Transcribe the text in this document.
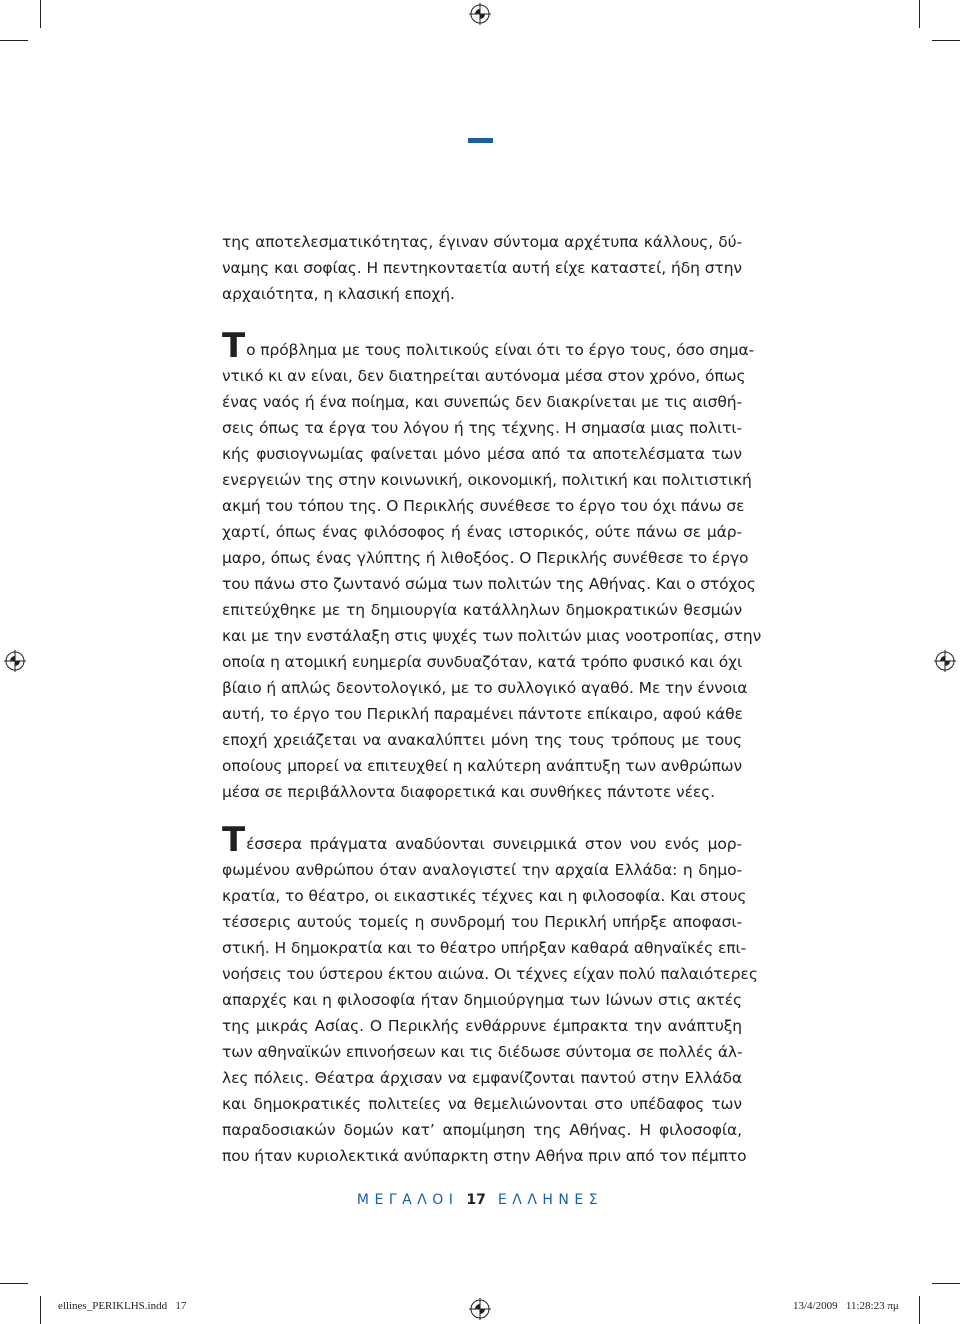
της αποτελεσματικότητας, έγιναν σύντομα αρχέτυπα κάλλους, δύ-
ναμης και σοφίας. Η πεντηκονταετία αυτή είχε καταστεί, ήδη στην
αρχαιότητα, η κλασική εποχή.
Το πρόβλημα με τους πολιτικούς είναι ότι το έργο τους, όσο σημα-
ντικό κι αν είναι, δεν διατηρείται αυτόνομα μέσα στον χρόνο, όπως
ένας ναός ή ένα ποίημα, και συνεπώς δεν διακρίνεται με τις αισθή-
σεις όπως τα έργα του λόγου ή της τέχνης. Η σημασία μιας πολιτι-
κής φυσιογνωμίας φαίνεται μόνο μέσα από τα αποτελέσματα των
ενεργειών της στην κοινωνική, οικονομική, πολιτική και πολιτιστική
ακμή του τόπου της. Ο Περικλής συνέθεσε το έργο του όχι πάνω σε
χαρτί, όπως ένας φιλόσοφος ή ένας ιστορικός, ούτε πάνω σε μάρ-
μαρο, όπως ένας γλύπτης ή λιθοξόος. Ο Περικλής συνέθεσε το έργο
του πάνω στο ζωντανό σώμα των πολιτών της Αθήνας. Και ο στόχος
επιτεύχθηκε με τη δημιουργία κατάλληλων δημοκρατικών θεσμών
και με την ενστάλαξη στις ψυχές των πολιτών μιας νοοτροπίας, στην
οποία η ατομική ευημερία συνδυαζόταν, κατά τρόπο φυσικό και όχι
βίαιο ή απλώς δεοντολογικό, με το συλλογικό αγαθό. Με την έννοια
αυτή, το έργο του Περικλή παραμένει πάντοτε επίκαιρο, αφού κάθε
εποχή χρειάζεται να ανακαλύπτει μόνη της τους τρόπους με τους
οποίους μπορεί να επιτευχθεί η καλύτερη ανάπτυξη των ανθρώπων
μέσα σε περιβάλλοντα διαφορετικά και συνθήκες πάντοτε νέες.
Τέσσερα πράγματα αναδύονται συνειρμικά στον νου ενός μορ-
φωμένου ανθρώπου όταν αναλογιστεί την αρχαία Ελλάδα: η δημο-
κρατία, το θέατρο, οι εικαστικές τέχνες και η φιλοσοφία. Και στους
τέσσερις αυτούς τομείς η συνδρομή του Περικλή υπήρξε αποφασι-
στική. Η δημοκρατία και το θέατρο υπήρξαν καθαρά αθηναϊκές επι-
νοήσεις του ύστερου έκτου αιώνα. Οι τέχνες είχαν πολύ παλαιότερες
απαρχές και η φιλοσοφία ήταν δημιούργημα των Ιώνων στις ακτές
της μικράς Ασίας. Ο Περικλής ενθάρρυνε έμπρακτα την ανάπτυξη
των αθηναϊκών επινοήσεων και τις διέδωσε σύντομα σε πολλές άλ-
λες πόλεις. Θέατρα άρχισαν να εμφανίζονται παντού στην Ελλάδα
και δημοκρατικές πολιτείες να θεμελιώνονται στο υπέδαφος των
παραδοσιακών δομών κατ’ απομίμηση της Αθήνας. Η φιλοσοφία,
που ήταν κυριολεκτικά ανύπαρκτη στην Αθήνα πριν από τον πέμπτο
ΜΕΓΑΛΟΙ 17 ΕΛΛΗΝΕΣ
ellines_PERIKLHS.indd   17	13/4/2009   11:28:23 πμ
